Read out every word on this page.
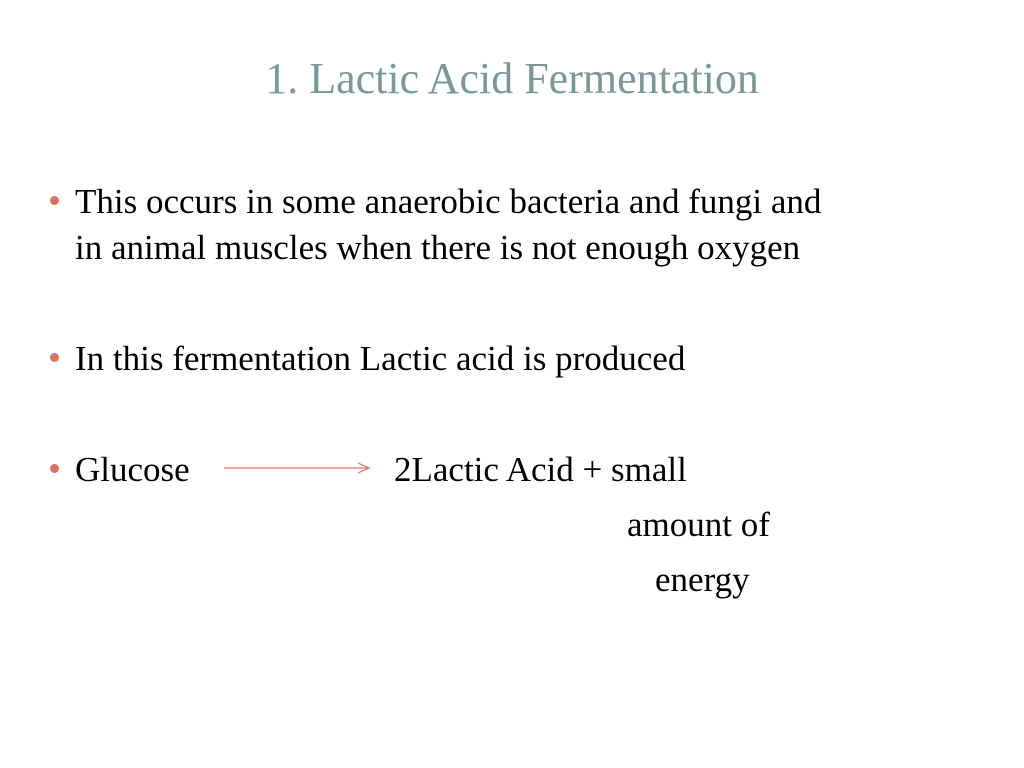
1. Lactic Acid Fermentation
This occurs in some anaerobic bacteria and fungi and
in animal muscles when there is not enough oxygen
In this fermentation Lactic acid is produced
Glucose	2Lactic Acid + small
amount of
energy
